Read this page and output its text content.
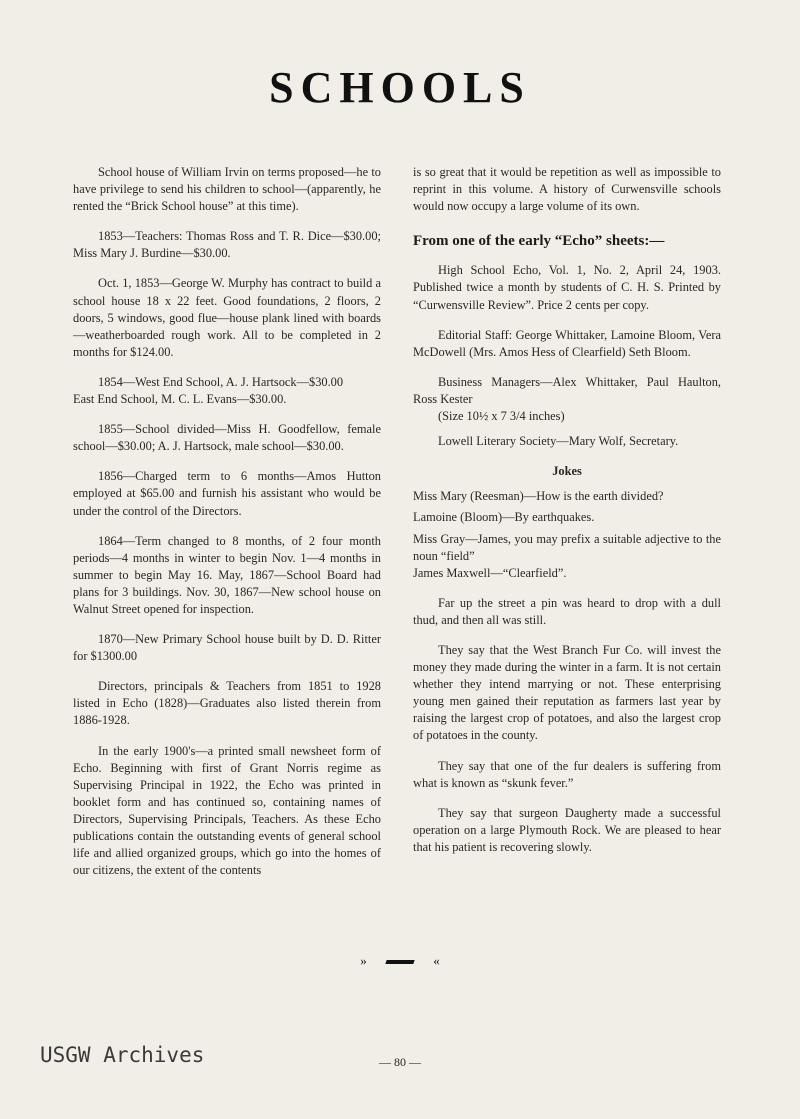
SCHOOLS

School house of William Irvin on terms proposed—he to have privilege to send his children to school—(apparently, he rented the “Brick School house” at this time).

1853—Teachers: Thomas Ross and T. R. Dice—$30.00; Miss Mary J. Burdine—$30.00.

Oct. 1, 1853—George W. Murphy has contract to build a school house 18 x 22 feet. Good foundations, 2 floors, 2 doors, 5 windows, good flue—house plank lined with boards—weatherboarded rough work. All to be completed in 2 months for $124.00.

1854—West End School, A. J. Hartsock—$30.00

East End School, M. C. L. Evans—$30.00.

1855—School divided—Miss H. Goodfellow, female school—$30.00; A. J. Hartsock, male school—$30.00.

1856—Charged term to 6 months—Amos Hutton employed at $65.00 and furnish his assistant who would be under the control of the Directors.

1864—Term changed to 8 months, of 2 four month periods—4 months in winter to begin Nov. 1—4 months in summer to begin May 16. May, 1867—School Board had plans for 3 buildings. Nov. 30, 1867—New school house on Walnut Street opened for inspection.

1870—New Primary School house built by D. D. Ritter for $1300.00

Directors, principals & Teachers from 1851 to 1928 listed in Echo (1828)—Graduates also listed therein from 1886-1928.

In the early 1900's—a printed small newsheet form of Echo. Beginning with first of Grant Norris regime as Supervising Principal in 1922, the Echo was printed in booklet form and has continued so, containing names of Directors, Supervising Principals, Teachers. As these Echo publications contain the outstanding events of general school life and allied organized groups, which go into the homes of our citizens, the extent of the contents

is so great that it would be repetition as well as impossible to reprint in this volume. A history of Curwensville schools would now occupy a large volume of its own.

From one of the early “Echo” sheets:—

High School Echo, Vol. 1, No. 2, April 24, 1903. Published twice a month by students of C. H. S. Printed by “Curwensville Review”. Price 2 cents per copy.

Editorial Staff: George Whittaker, Lamoine Bloom, Vera McDowell (Mrs. Amos Hess of Clearfield) Seth Bloom.

Business Managers—Alex Whittaker, Paul Haulton, Ross Kester

(Size 10½ x 7 3/4 inches)

Lowell Literary Society—Mary Wolf, Secretary.

Jokes

Miss Mary (Reesman)—How is the earth divided?

Lamoine (Bloom)—By earthquakes.

Miss Gray—James, you may prefix a suitable adjective to the noun “field”

James Maxwell—“Clearfield”.

Far up the street a pin was heard to drop with a dull thud, and then all was still.

They say that the West Branch Fur Co. will invest the money they made during the winter in a farm. It is not certain whether they intend marrying or not. These enterprising young men gained their reputation as farmers last year by raising the largest crop of potatoes, and also the largest crop of potatoes in the county.

They say that one of the fur dealers is suffering from what is known as “skunk fever.”

They say that surgeon Daugherty made a successful operation on a large Plymouth Rock. We are pleased to hear that his patient is recovering slowly.

»	«
USGW Archives	— 80 —
